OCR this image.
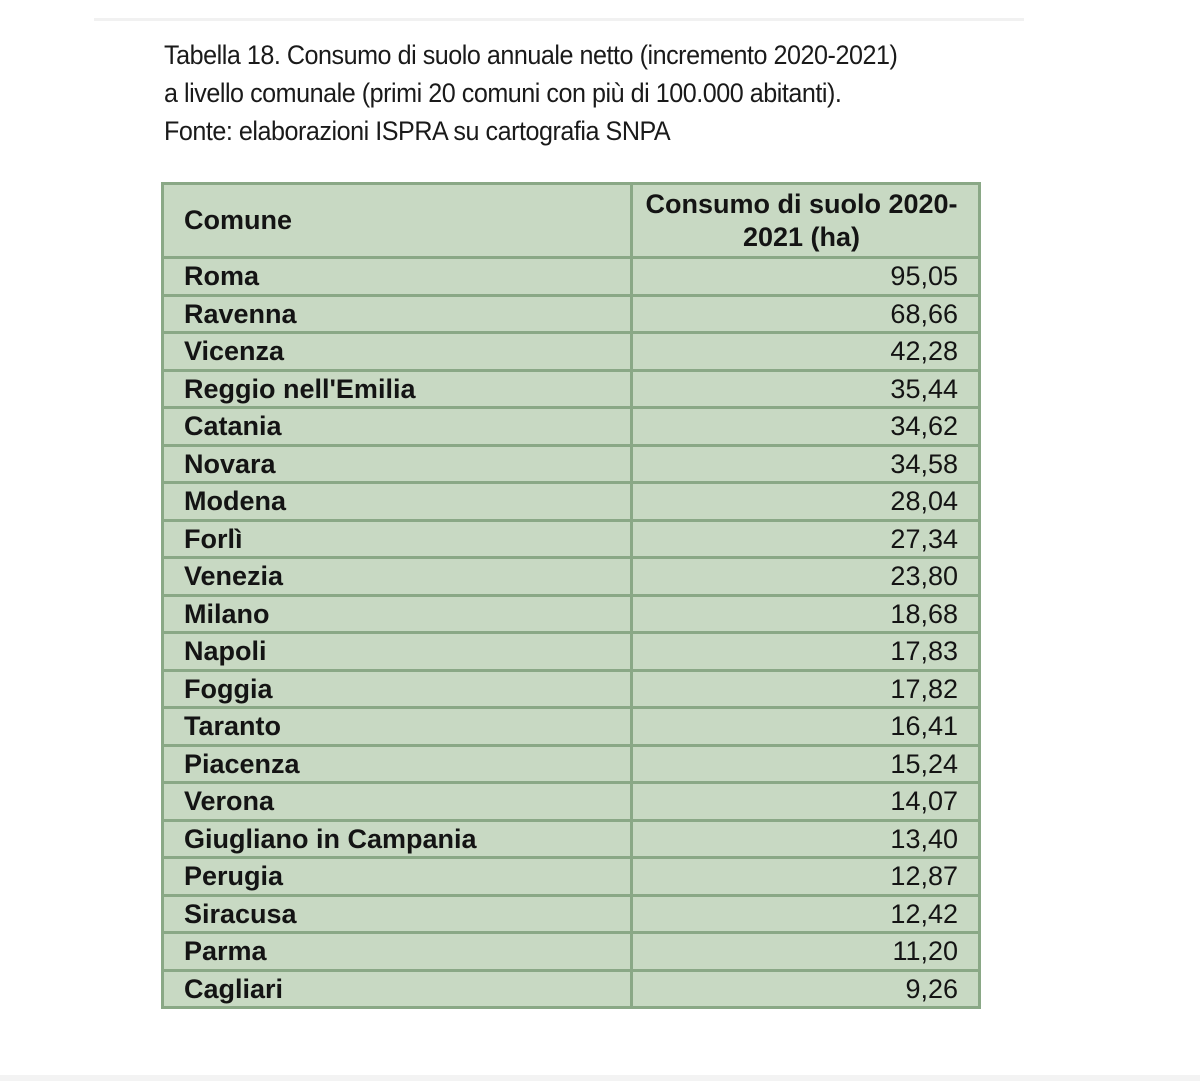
Tabella 18. Consumo di suolo annuale netto (incremento 2020-2021)
a livello comunale (primi 20 comuni con più di 100.000 abitanti).
Fonte: elaborazioni ISPRA su cartografia SNPA
Comune	Consumo di suolo 2020-
2021 (ha)
Roma	95,05
Ravenna	68,66
Vicenza	42,28
Reggio nell'Emilia	35,44
Catania	34,62
Novara	34,58
Modena	28,04
Forlì	27,34
Venezia	23,80
Milano	18,68
Napoli	17,83
Foggia	17,82
Taranto	16,41
Piacenza	15,24
Verona	14,07
Giugliano in Campania	13,40
Perugia	12,87
Siracusa	12,42
Parma	11,20
Cagliari	9,26
